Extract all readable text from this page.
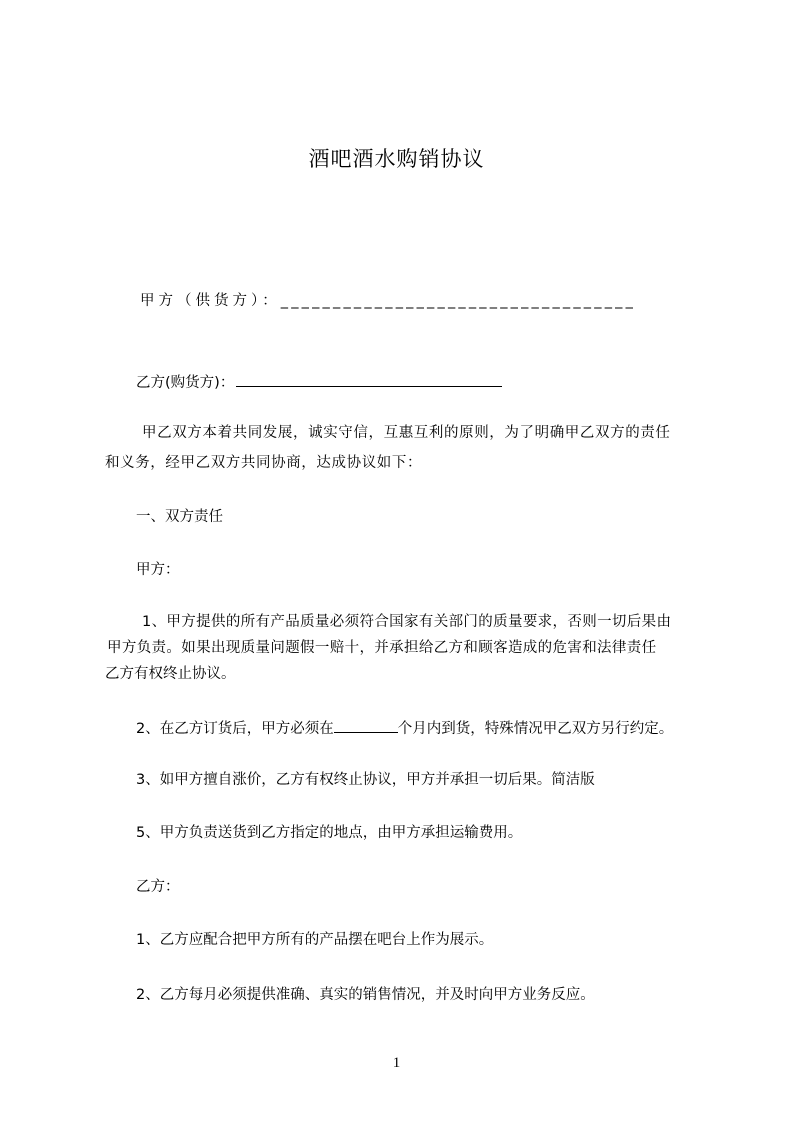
酒吧酒水购销协议
甲方（供货方）：__________________________________
乙方(购货方)：
甲乙双方本着共同发展，诚实守信，互惠互利的原则，为了明确甲乙双方的责任
和义务，经甲乙双方共同协商，达成协议如下：
一、双方责任
甲方：
1、甲方提供的所有产品质量必须符合国家有关部门的质量要求，否则一切后果由
甲方负责。如果出现质量问题假一赔十，并承担给乙方和顾客造成的危害和法律责任
乙方有权终止协议。
2、在乙方订货后，甲方必须在	个月内到货，特殊情况甲乙双方另行约定。
3、如甲方擅自涨价，乙方有权终止协议，甲方并承担一切后果。简洁版
5、甲方负责送货到乙方指定的地点，由甲方承担运输费用。
乙方：
1、乙方应配合把甲方所有的产品摆在吧台上作为展示。
2、乙方每月必须提供准确、真实的销售情况，并及时向甲方业务反应。
1
